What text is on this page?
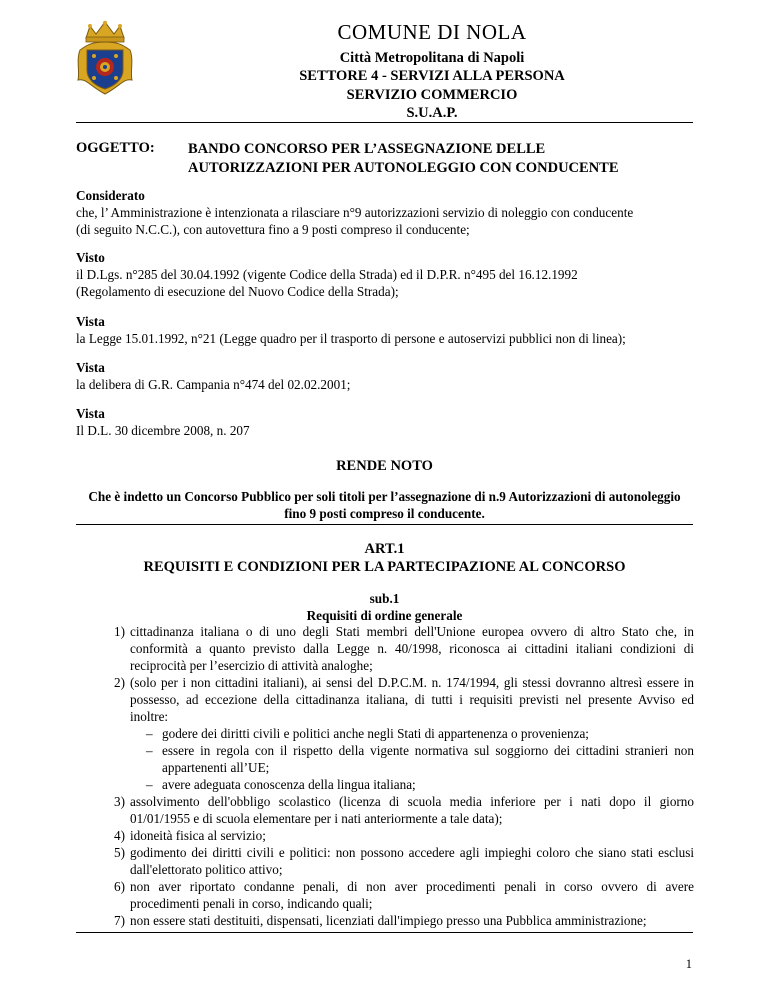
COMUNE DI NOLA
Città Metropolitana di Napoli
SETTORE 4 - SERVIZI ALLA PERSONA
SERVIZIO COMMERCIO
S.U.A.P.
OGGETTO: BANDO CONCORSO PER L’ASSEGNAZIONE DELLE
AUTORIZZAZIONI PER AUTONOLEGGIO CON CONDUCENTE
Considerato
che, l’ Amministrazione è intenzionata a rilasciare n°9 autorizzazioni servizio di noleggio con conducente
(di seguito N.C.C.), con autovettura fino a 9 posti compreso il conducente;
Visto
il D.Lgs. n°285 del 30.04.1992 (vigente Codice della Strada) ed il D.P.R. n°495 del 16.12.1992
(Regolamento di esecuzione del Nuovo Codice della Strada);
Vista
la Legge 15.01.1992, n°21 (Legge quadro per il trasporto di persone e autoservizi pubblici non di linea);
Vista
la delibera di G.R. Campania n°474 del 02.02.2001;
Vista
Il D.L. 30 dicembre 2008, n. 207
RENDE NOTO
Che è indetto un Concorso Pubblico per soli titoli per l’assegnazione di n.9 Autorizzazioni di autonoleggio
fino 9 posti compreso il conducente.
ART.1
REQUISITI E CONDIZIONI PER LA PARTECIPAZIONE AL CONCORSO
sub.1
Requisiti di ordine generale
1) cittadinanza italiana o di uno degli Stati membri dell'Unione europea ovvero di altro Stato che, in
conformità a quanto previsto dalla Legge n. 40/1998, riconosca ai cittadini italiani condizioni di
reciprocità per l’esercizio di attività analoghe;
2) (solo per i non cittadini italiani), ai sensi del D.P.C.M. n. 174/1994, gli stessi dovranno altresì essere in
possesso, ad eccezione della cittadinanza italiana, di tutti i requisiti previsti nel presente Avviso ed
inoltre:
– godere dei diritti civili e politici anche negli Stati di appartenenza o provenienza;
– essere in regola con il rispetto della vigente normativa sul soggiorno dei cittadini stranieri non
appartenenti all’UE;
– avere adeguata conoscenza della lingua italiana;
3) assolvimento dell'obbligo scolastico (licenza di scuola media inferiore per i nati dopo il giorno
01/01/1955 e di scuola elementare per i nati anteriormente a tale data);
4) idoneità fisica al servizio;
5) godimento dei diritti civili e politici: non possono accedere agli impieghi coloro che siano stati esclusi
dall'elettorato politico attivo;
6) non aver riportato condanne penali, di non aver procedimenti penali in corso ovvero di avere
procedimenti penali in corso, indicando quali;
7) non essere stati destituiti, dispensati, licenziati dall'impiego presso una Pubblica amministrazione;
1
